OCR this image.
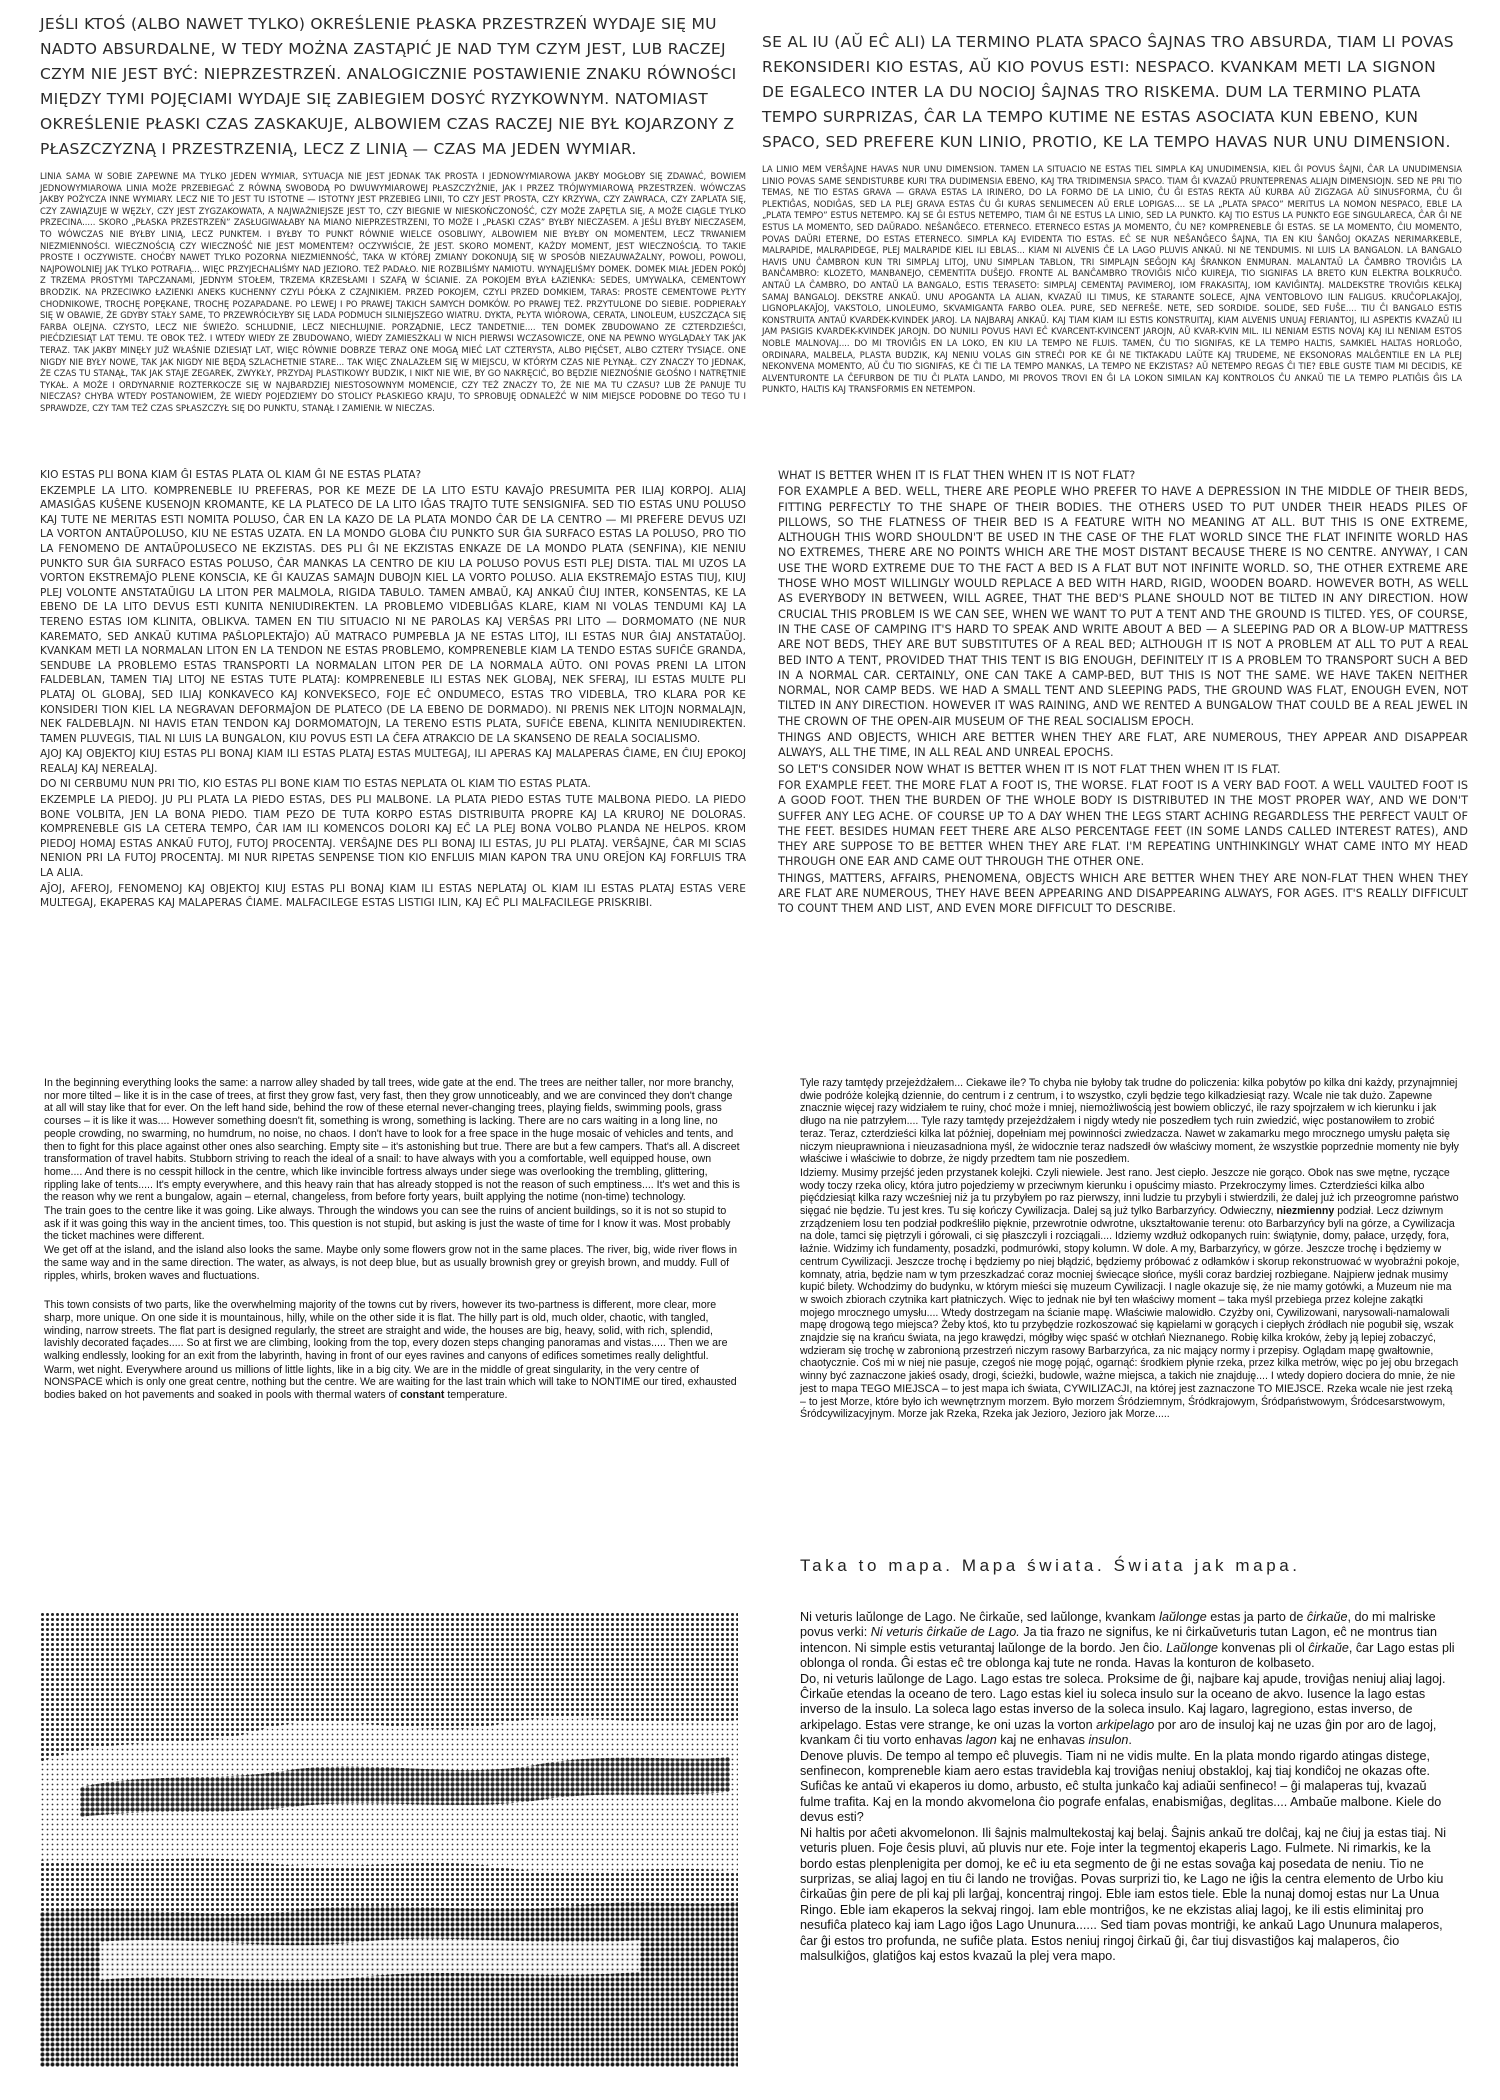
JEŚLI KTOŚ (ALBO NAWET TYLKO) OKREŚLENIE PŁASKA PRZESTRZEŃ WYDAJE SIĘ MU NADTO ABSURDALNE, W TEDY MOŻNA ZASTĄPIĆ JE NAD TYM CZYM JEST, LUB RACZEJ CZYM NIE JEST BYĆ: NIEPRZESTRZEŃ. ANALOGICZNIE POSTAWIENIE ZNAKU RÓWNOŚCI MIĘDZY TYMI POJĘCIAMI WYDAJE SIĘ ZABIEGIEM DOSYĆ RYZYKOWNYM. NATOMIAST OKREŚLENIE PŁASKI CZAS ZASKAKUJE, ALBOWIEM CZAS RACZEJ NIE BYŁ KOJARZONY Z PŁASZCZYZNĄ I PRZESTRZENIĄ, LECZ Z LINIĄ — CZAS MA JEDEN WYMIAR.

LINIA SAMA W SOBIE ZAPEWNE MA TYLKO JEDEN WYMIAR, SYTUACJA NIE JEST JEDNAK TAK PROSTA I JEDNOWYMIAROWA JAKBY MOGŁOBY SIĘ ZDAWAĆ, BOWIEM JEDNOWYMIAROWA LINIA MOŻE PRZEBIEGAĆ Z RÓWNĄ SWOBODĄ PO DWUWYMIAROWEJ PŁASZCZYŹNIE, JAK I PRZEZ TRÓJWYMIAROWĄ PRZESTRZEŃ. WÓWCZAS JAKBY POŻYCZA INNE WYMIARY. LECZ NIE TO JEST TU ISTOTNE — ISTOTNY JEST PRZEBIEG LINII, TO CZY JEST PROSTA, CZY KRZYWA, CZY ZAWRACA, CZY ZAPLATA SIĘ, CZY ZAWIĄZUJE W WĘZŁY, CZY JEST ZYGZAKOWATA, A NAJWAŻNIEJSZE JEST TO, CZY BIEGNIE W NIESKOŃCZONOŚĆ, CZY MOŻE ZAPĘTLA SIĘ, A MOŻE CIĄGLE TYLKO PRZECINA..... SKORO „PŁASKA PRZESTRZEŃ” ZASŁUGIWAŁABY NA MIANO NIEPRZESTRZENI, TO MOŻE I „PŁASKI CZAS” BYŁBY NIECZASEM. A JEŚLI BYŁBY NIECZASEM, TO WÓWCZAS NIE BYŁBY LINIĄ, LECZ PUNKTEM. I BYŁBY TO PUNKT RÓWNIE WIELCE OSOBLIWY, ALBOWIEM NIE BYŁBY ON MOMENTEM, LECZ TRWANIEM NIEZMIENNOŚCI. WIECZNOŚCIĄ CZY WIECZNOŚĆ NIE JEST MOMENTEM? OCZYWIŚCIE, ŻE JEST. SKORO MOMENT, KAŻDY MOMENT, JEST WIECZNOŚCIĄ. TO TAKIE PROSTE I OCZYWISTE. CHOĆBY NAWET TYLKO POZORNA NIEZMIENNOŚĆ, TAKA W KTÓREJ ZMIANY DOKONUJĄ SIĘ W SPOSÓB NIEZAUWAŻALNY, POWOLI, POWOLI, NAJPOWOLNIEJ JAK TYLKO POTRAFIĄ... WIĘC PRZYJECHALIŚMY NAD JEZIORO. TEŻ PADAŁO. NIE ROZBILIŚMY NAMIOTU. WYNAJĘLIŚMY DOMEK. DOMEK MIAŁ JEDEN POKÓJ Z TRZEMA PROSTYMI TAPCZANAMI, JEDNYM STOŁEM, TRZEMA KRZESŁAMI I SZAFĄ W ŚCIANIE. ZA POKOJEM BYŁA ŁAZIENKA: SEDES, UMYWALKA, CEMENTOWY BRODZIK. NA PRZECIWKO ŁAZIENKI ANEKS KUCHENNY CZYLI PÓŁKA Z CZAJNIKIEM. PRZED POKOJEM, CZYLI PRZED DOMKIEM, TARAS: PROSTE CEMENTOWE PŁYTY CHODNIKOWE, TROCHĘ POPĘKANE, TROCHĘ POZAPADANE. PO LEWEJ I PO PRAWEJ TAKICH SAMYCH DOMKÓW. PO PRAWEJ TEŻ. PRZYTULONE DO SIEBIE. PODPIERAŁY SIĘ W OBAWIE, ŻE GDYBY STAŁY SAME, TO PRZEWRÓCIŁYBY SIĘ LADA PODMUCH SILNIEJSZEGO WIATRU. DYKTA, PŁYTA WIÓROWA, CERATA, LINOLEUM, ŁUSZCZĄCA SIĘ FARBA OLEJNA. CZYSTO, LECZ NIE ŚWIEŻO. SCHLUDNIE, LECZ NIECHLUJNIE. PORZĄDNIE, LECZ TANDETNIE.... TEN DOMEK ZBUDOWANO ZE CZTERDZIEŚCI, PIEĆDZIESIĄT LAT TEMU. TE OBOK TEŻ. I WTEDY WIEDY ZE ZBUDOWANO, WIEDY ZAMIESZKALI W NICH PIERWSI WCZASOWICZE, ONE NA PEWNO WYGLĄDAŁY TAK JAK TERAZ. TAK JAKBY MINĘŁY JUŻ WŁAŚNIE DZIESIĄT LAT, WIĘC RÓWNIE DOBRZE TERAZ ONE MOGĄ MIEĆ LAT CZTERYSTA, ALBO PIĘĆSET, ALBO CZTERY TYSIĄCE. ONE NIGDY NIE BYŁY NOWE, TAK JAK NIGDY NIE BĘDĄ SZLACHETNIE STARE... TAK WIĘC ZNALAZŁEM SIĘ W MIEJSCU, W KTÓRYM CZAS NIE PŁYNĄŁ. CZY ZNACZY TO JEDNAK, ŻE CZAS TU STANĄŁ, TAK JAK STAJE ZEGAREK, ZWYKŁY, PRZYDAJ PLASTIKOWY BUDZIK, I NIKT NIE WIE, BY GO NAKRĘCIĆ, BO BĘDZIE NIEZNOŚNIE GŁOŚNO I NATRĘTNIE TYKAŁ. A MOŻE I ORDYNARNIE ROZTERKOCZE SIĘ W NAJBARDZIEJ NIESTOSOWNYM MOMENCIE, CZY TEŻ ZNACZY TO, ŻE NIE MA TU CZASU? LUB ŻE PANUJE TU NIECZAS? CHYBA WTEDY POSTANOWIEM, ŻE WIEDY POJEDZIEMY DO STOLICY PŁASKIEGO KRAJU, TO SPROBUJĘ ODNALEŹĆ W NIM MIEJSCE PODOBNE DO TEGO TU I SPRAWDZE, CZY TAM TEŻ CZAS SPŁASZCZYŁ SIĘ DO PUNKTU, STANĄŁ I ZAMIENIŁ W NIECZAS.

SE AL IU (AŬ EĈ ALI) LA TERMINO PLATA SPACO ŜAJNAS TRO ABSURDA, TIAM LI POVAS REKONSIDERI KIO ESTAS, AŬ KIO POVUS ESTI: NESPACO. KVANKAM METI LA SIGNON DE EGALECO INTER LA DU NOCIOJ ŜAJNAS TRO RISKEMA. DUM LA TERMINO PLATA TEMPO SURPRIZAS, ĈAR LA TEMPO KUTIME NE ESTAS ASOCIATA KUN EBENO, KUN SPACO, SED PREFERE KUN LINIO, PROTIO, KE LA TEMPO HAVAS NUR UNU DIMENSION.

LA LINIO MEM VERŜAJNE HAVAS NUR UNU DIMENSION. TAMEN LA SITUACIO NE ESTAS TIEL SIMPLA KAJ UNUDIMENSIA, KIEL ĜI POVUS ŜAJNI, ĈAR LA UNUDIMENSIA LINIO POVAS SAME SENDISTURBE KURI TRA DUDIMENSIA EBENO, KAJ TRA TRIDIMENSIA SPACO. TIAM ĜI KVAZAŬ PRUNTEPRENAS ALIAJN DIMENSIOJN. SED NE PRI TIO TEMAS, NE TIO ESTAS GRAVA — GRAVA ESTAS LA IRINERO, DO LA FORMO DE LA LINIO, ĈU ĜI ESTAS REKTA AŬ KURBA AŬ ZIGZAGA AŬ SINUSFORMA, ĈU ĜI PLEKTIĜAS, NODIĜAS, SED LA PLEJ GRAVA ESTAS ĈU ĜI KURAS SENLIMECEN AŬ ERLE LOPIGAS.... SE LA „PLATA SPACO” MERITUS LA NOMON NESPACO, EBLE LA „PLATA TEMPO” ESTUS NETEMPO. KAJ SE ĜI ESTUS NETEMPO, TIAM ĜI NE ESTUS LA LINIO, SED LA PUNKTO. KAJ TIO ESTUS LA PUNKTO EGE SINGULARECA, ĈAR ĜI NE ESTUS LA MOMENTO, SED DAŬRADO. NEŜANĜECO. ETERNECO. ETERNECO ESTAS JA MOMENTO, ĈU NE? KOMPRENEBLE ĜI ESTAS. SE LA MOMENTO, ĈIU MOMENTO, POVAS DAŬRI ETERNE, DO ESTAS ETERNECO. SIMPLA KAJ EVIDENTA TIO ESTAS. EĈ SE NUR NEŜANĜECO ŜAJNA, TIA EN KIU ŜANĜOJ OKAZAS NERIMARKEBLE, MALRAPIDE, MALRAPIDEGE, PLEJ MALRAPIDE KIEL ILI EBLAS... KIAM NI ALVENIS ĈE LA LAGO PLUVIS ANKAŬ. NI NE TENDUMIS. NI LUIS LA BANGALON. LA BANGALO HAVIS UNU ĈAMBRON KUN TRI SIMPLAJ LITOJ, UNU SIMPLAN TABLON, TRI SIMPLAJN SEĜOJN KAJ ŜRANKON ENMURAN. MALANTAŬ LA ĈAMBRO TROVIĜIS LA BANĈAMBRO: KLOZETO, MANBANEJO, CEMENTITA DUŜEJO. FRONTE AL BANĈAMBRO TROVIĜIS NIĈO KUIREJA, TIO SIGNIFAS LA BRETO KUN ELEKTRA BOLKRUĈO. ANTAŬ LA ĈAMBRO, DO ANTAŬ LA BANGALO, ESTIS TERASETO: SIMPLAJ CEMENTAJ PAVIMEROJ, IOM FRAKASITAJ, IOM KAVIĜINTAJ. MALDEKSTRE TROVIĜIS KELKAJ SAMAJ BANGALOJ. DEKSTRE ANKAŬ. UNU APOGANTA LA ALIAN, KVAZAŬ ILI TIMUS, KE STARANTE SOLECE, AJNA VENTOBLOVO ILIN FALIGUS. KRUĈOPLAKAĴOJ, LIGNOPLAKAĴOJ, VAKSTOLO, LINOLEUMO, SKVAMIGANTA FARBO OLEA. PURE, SED NEFREŜE. NETE, SED SORDIDE. SOLIDE, SED FUŜE.... TIU ĈI BANGALO ESTIS KONSTRUITA ANTAŬ KVARDEK-KVINDEK JAROJ. LA NAJBARAJ ANKAŬ. KAJ TIAM KIAM ILI ESTIS KONSTRUITAJ, KIAM ALVENIS UNUAJ FERIANTOJ, ILI ASPEKTIS KVAZAŬ ILI JAM PASIGIS KVARDEK-KVINDEK JAROJN. DO NUNILI POVUS HAVI EĈ KVARCENT-KVINCENT JAROJN, AŬ KVAR-KVIN MIL. ILI NENIAM ESTIS NOVAJ KAJ ILI NENIAM ESTOS NOBLE MALNOVAJ.... DO MI TROVIĜIS EN LA LOKO, EN KIU LA TEMPO NE FLUIS. TAMEN, ĈU TIO SIGNIFAS, KE LA TEMPO HALTIS, SAMKIEL HALTAS HORLOĜO, ORDINARA, MALBELA, PLASTA BUDZIK, KAJ NENIU VOLAS GIN STREĈI POR KE ĜI NE TIKTAKADU LAŬTE KAJ TRUDEME, NE EKSONORAS MALĜENTILE EN LA PLEJ NEKONVENA MOMENTO, AŬ ĈU TIO SIGNIFAS, KE ĈI TIE LA TEMPO MANKAS, LA TEMPO NE EKZISTAS? AŬ NETEMPO REGAS ĈI TIE? EBLE GUSTE TIAM MI DECIDIS, KE ALVENTURONTE LA ĈEFURBON DE TIU ĈI PLATA LANDO, MI PROVOS TROVI EN ĜI LA LOKON SIMILAN KAJ KONTROLOS ĈU ANKAŬ TIE LA TEMPO PLATIĜIS ĜIS LA PUNKTO, HALTIS KAJ TRANSFORMIS EN NETEMPON.

KIO ESTAS PLI BONA KIAM ĜI ESTAS PLATA OL KIAM ĜI NE ESTAS PLATA?

EKZEMPLE LA LITO. KOMPRENEBLE IU PREFERAS, POR KE MEZE DE LA LITO ESTU KAVAĴO PRESUMITA PER ILIAJ KORPOJ. ALIAJ AMASIĜAS KUŜENE KUSENOJN KROMANTE, KE LA PLATECO DE LA LITO IĜAS TRAJTO TUTE SENSIGNIFA. SED TIO ESTAS UNU POLUSO KAJ TUTE NE MERITAS ESTI NOMITA POLUSO, ĈAR EN LA KAZO DE LA PLATA MONDO ĈAR DE LA CENTRO — MI PREFERE DEVUS UZI LA VORTON ANTAŬPOLUSO, KIU NE ESTAS UZATA. EN LA MONDO GLOBA ĈIU PUNKTO SUR ĜIA SURFACO ESTAS LA POLUSO, PRO TIO LA FENOMENO DE ANTAŬPOLUSECO NE EKZISTAS. DES PLI ĜI NE EKZISTAS ENKAZE DE LA MONDO PLATA (SENFINA), KIE NENIU PUNKTO SUR ĜIA SURFACO ESTAS POLUSO, ĈAR MANKAS LA CENTRO DE KIU LA POLUSO POVUS ESTI PLEJ DISTA. TIAL MI UZOS LA VORTON EKSTREMAĴO PLENE KONSCIA, KE ĜI KAUZAS SAMAJN DUBOJN KIEL LA VORTO POLUSO. ALIA EKSTREMAĴO ESTAS TIUJ, KIUJ PLEJ VOLONTE ANSTATAŬIGU LA LITON PER MALMOLA, RIGIDA TABULO. TAMEN AMBAŬ, KAJ ANKAŬ ĈIUJ INTER, KONSENTAS, KE LA EBENO DE LA LITO DEVUS ESTI KUNITA NENIUDIREKTEN. LA PROBLEMO VIDEBLIĜAS KLARE, KIAM NI VOLAS TENDUMI KAJ LA TERENO ESTAS IOM KLINITA, OBLIKVA. TAMEN EN TIU SITUACIO NI NE PAROLAS KAJ VERŜAS PRI LITO — DORMOMATO (NE NUR KAREMATO, SED ANKAŬ KUTIMA PAŜLOPLEKTAĴO) AŬ MATRACO PUMPEBLA JA NE ESTAS LITOJ, ILI ESTAS NUR ĜIAJ ANSTATAŬOJ. KVANKAM METI LA NORMALAN LITON EN LA TENDON NE ESTAS PROBLEMO, KOMPRENEBLE KIAM LA TENDO ESTAS SUFIĈE GRANDA, SENDUBE LA PROBLEMO ESTAS TRANSPORTI LA NORMALAN LITON PER DE LA NORMALA AŬTO. ONI POVAS PRENI LA LITON FALDEBLAN, TAMEN TIAJ LITOJ NE ESTAS TUTE PLATAJ: KOMPRENEBLE ILI ESTAS NEK GLOBAJ, NEK SFERAJ, ILI ESTAS MULTE PLI PLATAJ OL GLOBAJ, SED ILIAJ KONKAVECO KAJ KONVEKSECO, FOJE EĈ ONDUMECO, ESTAS TRO VIDEBLA, TRO KLARA POR KE KONSIDERI TION KIEL LA NEGRAVAN DEFORMAĴON DE PLATECO (DE LA EBENO DE DORMADO). NI PRENIS NEK LITOJN NORMALAJN, NEK FALDEBLAJN. NI HAVIS ETAN TENDON KAJ DORMOMATOJN, LA TERENO ESTIS PLATA, SUFIĈE EBENA, KLINITA NENIUDIREKTEN. TAMEN PLUVEGIS, TIAL NI LUIS LA BUNGALON, KIU POVUS ESTI LA ĈEFA ATRAKCIO DE LA SKANSENO DE REALA SOCIALISMO.

AJOJ KAJ OBJEKTOJ KIUJ ESTAS PLI BONAJ KIAM ILI ESTAS PLATAJ ESTAS MULTEGAJ, ILI APERAS KAJ MALAPERAS ĈIAME, EN ĈIUJ EPOKOJ REALAJ KAJ NEREALAJ.

DO NI CERBUMU NUN PRI TIO, KIO ESTAS PLI BONE KIAM TIO ESTAS NEPLATA OL KIAM TIO ESTAS PLATA.

EKZEMPLE LA PIEDOJ. JU PLI PLATA LA PIEDO ESTAS, DES PLI MALBONE. LA PLATA PIEDO ESTAS TUTE MALBONA PIEDO. LA PIEDO BONE VOLBITA, JEN LA BONA PIEDO. TIAM PEZO DE TUTA KORPO ESTAS DISTRIBUITA PROPRE KAJ LA KRUROJ NE DOLORAS. KOMPRENEBLE GIS LA CETERA TEMPO, ĈAR IAM ILI KOMENCOS DOLORI KAJ EĈ LA PLEJ BONA VOLBO PLANDA NE HELPOS. KROM PIEDOJ HOMAJ ESTAS ANKAŬ FUTOJ, FUTOJ PROCENTAJ. VERŜAJNE DES PLI BONAJ ILI ESTAS, JU PLI PLATAJ. VERŜAJNE, ĈAR MI SCIAS NENION PRI LA FUTOJ PROCENTAJ. MI NUR RIPETAS SENPENSE TION KIO ENFLUIS MIAN KAPON TRA UNU OREĴON KAJ FORFLUIS TRA LA ALIA.

AĴOJ, AFEROJ, FENOMENOJ KAJ OBJEKTOJ KIUJ ESTAS PLI BONAJ KIAM ILI ESTAS NEPLATAJ OL KIAM ILI ESTAS PLATAJ ESTAS VERE MULTEGAJ, EKAPERAS KAJ MALAPERAS ĈIAME. MALFACILEGE ESTAS LISTIGI ILIN, KAJ EĈ PLI MALFACILEGE PRISKRIBI.

WHAT IS BETTER WHEN IT IS FLAT THEN WHEN IT IS NOT FLAT?

FOR EXAMPLE A BED. WELL, THERE ARE PEOPLE WHO PREFER TO HAVE A DEPRESSION IN THE MIDDLE OF THEIR BEDS, FITTING PERFECTLY TO THE SHAPE OF THEIR BODIES. THE OTHERS USED TO PUT UNDER THEIR HEADS PILES OF PILLOWS, SO THE FLATNESS OF THEIR BED IS A FEATURE WITH NO MEANING AT ALL. BUT THIS IS ONE EXTREME, ALTHOUGH THIS WORD SHOULDN'T BE USED IN THE CASE OF THE FLAT WORLD SINCE THE FLAT INFINITE WORLD HAS NO EXTREMES, THERE ARE NO POINTS WHICH ARE THE MOST DISTANT BECAUSE THERE IS NO CENTRE. ANYWAY, I CAN USE THE WORD EXTREME DUE TO THE FACT A BED IS A FLAT BUT NOT INFINITE WORLD. SO, THE OTHER EXTREME ARE THOSE WHO MOST WILLINGLY WOULD REPLACE A BED WITH HARD, RIGID, WOODEN BOARD. HOWEVER BOTH, AS WELL AS EVERYBODY IN BETWEEN, WILL AGREE, THAT THE BED'S PLANE SHOULD NOT BE TILTED IN ANY DIRECTION. HOW CRUCIAL THIS PROBLEM IS WE CAN SEE, WHEN WE WANT TO PUT A TENT AND THE GROUND IS TILTED. YES, OF COURSE, IN THE CASE OF CAMPING IT'S HARD TO SPEAK AND WRITE ABOUT A BED — A SLEEPING PAD OR A BLOW-UP MATTRESS ARE NOT BEDS, THEY ARE BUT SUBSTITUTES OF A REAL BED; ALTHOUGH IT IS NOT A PROBLEM AT ALL TO PUT A REAL BED INTO A TENT, PROVIDED THAT THIS TENT IS BIG ENOUGH, DEFINITELY IT IS A PROBLEM TO TRANSPORT SUCH A BED IN A NORMAL CAR. CERTAINLY, ONE CAN TAKE A CAMP-BED, BUT THIS IS NOT THE SAME. WE HAVE TAKEN NEITHER NORMAL, NOR CAMP BEDS. WE HAD A SMALL TENT AND SLEEPING PADS, THE GROUND WAS FLAT, ENOUGH EVEN, NOT TILTED IN ANY DIRECTION. HOWEVER IT WAS RAINING, AND WE RENTED A BUNGALOW THAT COULD BE A REAL JEWEL IN THE CROWN OF THE OPEN-AIR MUSEUM OF THE REAL SOCIALISM EPOCH.

THINGS AND OBJECTS, WHICH ARE BETTER WHEN THEY ARE FLAT, ARE NUMEROUS, THEY APPEAR AND DISAPPEAR ALWAYS, ALL THE TIME, IN ALL REAL AND UNREAL EPOCHS.

SO LET'S CONSIDER NOW WHAT IS BETTER WHEN IT IS NOT FLAT THEN WHEN IT IS FLAT.

FOR EXAMPLE FEET. THE MORE FLAT A FOOT IS, THE WORSE. FLAT FOOT IS A VERY BAD FOOT. A WELL VAULTED FOOT IS A GOOD FOOT. THEN THE BURDEN OF THE WHOLE BODY IS DISTRIBUTED IN THE MOST PROPER WAY, AND WE DON'T SUFFER ANY LEG ACHE. OF COURSE UP TO A DAY WHEN THE LEGS START ACHING REGARDLESS THE PERFECT VAULT OF THE FEET. BESIDES HUMAN FEET THERE ARE ALSO PERCENTAGE FEET (IN SOME LANDS CALLED INTEREST RATES), AND THEY ARE SUPPOSE TO BE BETTER WHEN THEY ARE FLAT. I'M REPEATING UNTHINKINGLY WHAT CAME INTO MY HEAD THROUGH ONE EAR AND CAME OUT THROUGH THE OTHER ONE.

THINGS, MATTERS, AFFAIRS, PHENOMENA, OBJECTS WHICH ARE BETTER WHEN THEY ARE NON-FLAT THEN WHEN THEY ARE FLAT ARE NUMEROUS, THEY HAVE BEEN APPEARING AND DISAPPEARING ALWAYS, FOR AGES. IT'S REALLY DIFFICULT TO COUNT THEM AND LIST, AND EVEN MORE DIFFICULT TO DESCRIBE.

In the beginning everything looks the same: a narrow alley shaded by tall trees, wide gate at the end. The trees are neither taller, nor more branchy, nor more tilted – like it is in the case of trees, at first they grow fast, very fast, then they grow unnoticeably, and we are convinced they don't change at all will stay like that for ever. On the left hand side, behind the row of these eternal never-changing trees, playing fields, swimming pools, grass courses – it is like it was.... However something doesn't fit, something is wrong, something is lacking. There are no cars waiting in a long line, no people crowding, no swarming, no humdrum, no noise, no chaos. I don't have to look for a free space in the huge mosaic of vehicles and tents, and then to fight for this place against other ones also searching. Empty site – it's astonishing but true. There are but a few campers. That's all. A discreet transformation of travel habits. Stubborn striving to reach the ideal of a snail: to have always with you a comfortable, well equipped house, own home.... And there is no cesspit hillock in the centre, which like invincible fortress always under siege was overlooking the trembling, glittering, rippling lake of tents..... It's empty everywhere, and this heavy rain that has already stopped is not the reason of such emptiness.... It's wet and this is the reason why we rent a bungalow, again – eternal, changeless, from before forty years, built applying the notime (non-time) technology.

The train goes to the centre like it was going. Like always. Through the windows you can see the ruins of ancient buildings, so it is not so stupid to ask if it was going this way in the ancient times, too. This question is not stupid, but asking is just the waste of time for I know it was. Most probably the ticket machines were different.

We get off at the island, and the island also looks the same. Maybe only some flowers grow not in the same places. The river, big, wide river flows in the same way and in the same direction. The water, as always, is not deep blue, but as usually brownish grey or greyish brown, and muddy. Full of ripples, whirls, broken waves and fluctuations.

This town consists of two parts, like the overwhelming majority of the towns cut by rivers, however its two-partness is different, more clear, more sharp, more unique. On one side it is mountainous, hilly, while on the other side it is flat. The hilly part is old, much older, chaotic, with tangled, winding, narrow streets. The flat part is designed regularly, the street are straight and wide, the houses are big, heavy, solid, with rich, splendid, lavishly decorated façades..... So at first we are climbing, looking from the top, every dozen steps changing panoramas and vistas..... Then we are walking endlessly, looking for an exit from the labyrinth, having in front of our eyes ravines and canyons of edifices sometimes really delightful.

Warm, wet night. Everywhere around us millions of little lights, like in a big city. We are in the middle of great singularity, in the very centre of NONSPACE which is only one great centre, nothing but the centre. We are waiting for the last train which will take to NONTIME our tired, exhausted bodies baked on hot pavements and soaked in pools with thermal waters of constant temperature.

Tyle razy tamtędy przejeżdżałem... Ciekawe ile? To chyba nie byłoby tak trudne do policzenia: kilka pobytów po kilka dni każdy, przynajmniej dwie podróże kolejką dziennie, do centrum i z centrum, i to wszystko, czyli będzie tego kilkadziesiąt razy. Wcale nie tak dużo. Zapewne znacznie więcej razy widziałem te ruiny, choć może i mniej, niemożliwością jest bowiem obliczyć, ile razy spojrzałem w ich kierunku i jak długo na nie patrzyłem.... Tyle razy tamtędy przejeżdżałem i nigdy wtedy nie poszedłem tych ruin zwiedzić, więc postanowiłem to zrobić teraz. Teraz, czterdzieści kilka lat później, dopełniam mej powinności zwiedzacza. Nawet w zakamarku mego mrocznego umysłu pałęta się niczym nieuprawniona i nieuzasadniona myśl, że widocznie teraz nadszedł ów właściwy moment, że wszystkie poprzednie momenty nie były właściwe i właściwie to dobrze, że nigdy przedtem tam nie poszedłem.

Idziemy. Musimy przejść jeden przystanek kolejki. Czyli niewiele. Jest rano. Jest ciepło. Jeszcze nie gorąco. Obok nas swe mętne, ryczące wody toczy rzeka olicy, która jutro pojedziemy w przeciwnym kierunku i opuścimy miasto. Przekroczymy limes. Czterdzieści kilka albo pięćdziesiąt kilka razy wcześniej niż ja tu przybyłem po raz pierwszy, inni ludzie tu przybyli i stwierdzili, że dalej już ich przeogromne państwo sięgać nie będzie. Tu jest kres. Tu się kończy Cywilizacja. Dalej są już tylko Barbarzyńcy. Odwieczny, niezmienny podział. Lecz dziwnym zrządzeniem losu ten podział podkreśliło pięknie, przewrotnie odwrotne, ukształtowanie terenu: oto Barbarzyńcy byli na górze, a Cywilizacja na dole, tamci się piętrzyli i górowali, ci się płaszczyli i rozciągali.... Idziemy wzdłuż odkopanych ruin: świątynie, domy, pałace, urzędy, fora, łaźnie. Widzimy ich fundamenty, posadzki, podmurówki, stopy kolumn. W dole. A my, Barbarzyńcy, w górze. Jeszcze trochę i będziemy w centrum Cywilizacji. Jeszcze trochę i będziemy po niej błądzić, będziemy próbować z odłamków i skorup rekonstruować w wyobraźni pokoje, komnaty, atria, będzie nam w tym przeszkadzać coraz mocniej świecące słońce, myśli coraz bardziej rozbiegane. Najpierw jednak musimy kupić bilety. Wchodzimy do budynku, w którym mieści się muzeum Cywilizacji. I nagle okazuje się, że nie mamy gotówki, a Muzeum nie ma w swoich zbiorach czytnika kart płatniczych. Więc to jednak nie był ten właściwy moment – taka myśl przebiega przez kolejne zakątki mojego mrocznego umysłu.... Wtedy dostrzegam na ścianie mapę. Właściwie malowidło. Czyżby oni, Cywilizowani, narysowali-namalowali mapę drogową tego miejsca? Żeby ktoś, kto tu przybędzie rozkoszować się kąpielami w gorących i ciepłych źródłach nie pogubił się, wszak znajdzie się na krańcu świata, na jego krawędzi, mógłby więc spaść w otchłań Nieznanego. Robię kilka kroków, żeby ją lepiej zobaczyć, wdzieram się trochę w zabronioną przestrzeń niczym rasowy Barbarzyńca, za nic mający normy i przepisy. Oglądam mapę gwałtownie, chaotycznie. Coś mi w niej nie pasuje, czegoś nie mogę pojąć, ogarnąć: środkiem płynie rzeka, przez kilka metrów, więc po jej obu brzegach winny być zaznaczone jakieś osady, drogi, ścieżki, budowle, ważne miejsca, a takich nie znajduję.... I wtedy dopiero dociera do mnie, że nie jest to mapa TEGO MIEJSCA – to jest mapa ich świata, CYWILIZACJI, na której jest zaznaczone TO MIEJSCE. Rzeka wcale nie jest rzeką – to jest Morze, które było ich wewnętrznym morzem. Było morzem Śródziemnym, Śródkrajowym, Śródpaństwowym, Śródcesarstwowym, Śródcywilizacyjnym. Morze jak Rzeka, Rzeka jak Jezioro, Jezioro jak Morze.....

Taka to mapa. Mapa świata. Świata jak mapa.

Ni veturis laŭlonge de Lago. Ne ĉirkaŭe, sed laŭlonge, kvankam laŭlonge estas ja parto de ĉirkaŭe, do mi malriske povus verki: Ni veturis ĉirkaŭe de Lago. Ja tia frazo ne signifus, ke ni ĉirkaŭveturis tutan Lagon, eĉ ne montrus tian intencon. Ni simple estis veturantaj laŭlonge de la bordo. Jen ĉio. Laŭlonge konvenas pli ol ĉirkaŭe, ĉar Lago estas pli oblonga ol ronda. Ĝi estas eĉ tre oblonga kaj tute ne ronda. Havas la konturon de kolbaseto.

Do, ni veturis laŭlonge de Lago. Lago estas tre soleca. Proksime de ĝi, najbare kaj apude, troviĝas neniuj aliaj lagoj. Ĉirkaŭe etendas la oceano de tero. Lago estas kiel iu soleca insulo sur la oceano de akvo. Iusence la lago estas inverso de la insulo. La soleca lago estas inverso de la soleca insulo. Kaj lagaro, lagregiono, estas inverso, de arkipelago. Estas vere strange, ke oni uzas la vorton arkipelago por aro de insuloj kaj ne uzas ĝin por aro de lagoj, kvankam ĉi tiu vorto enhavas lagon kaj ne enhavas insulon.

Denove pluvis. De tempo al tempo eĉ pluvegis. Tiam ni ne vidis multe. En la plata mondo rigardo atingas distege, senfinecon, kompreneble kiam aero estas travidebla kaj troviĝas neniuj obstakloj, kaj tiaj kondiĉoj ne okazas ofte. Sufiĉas ke antaŭ vi ekaperos iu domo, arbusto, eĉ stulta junkaĉo kaj adiaŭi senfineco! – ĝi malaperas tuj, kvazaŭ fulme trafita. Kaj en la mondo akvomelona ĉio pografe enfalas, enabismiĝas, deglitas.... Ambaŭe malbone. Kiele do devus esti?

Ni haltis por aĉeti akvomelonon. Ili ŝajnis malmultekostaj kaj belaj. Ŝajnis ankaŭ tre dolĉaj, kaj ne ĉiuj ja estas tiaj. Ni veturis pluen. Foje ĉesis pluvi, aŭ pluvis nur ete. Foje inter la tegmentoj ekaperis Lago. Fulmete. Ni rimarkis, ke la bordo estas plenplenigita per domoj, ke eĉ iu eta segmento de ĝi ne estas sovaĝa kaj posedata de neniu. Tio ne surprizas, se aliaj lagoj en tiu ĉi lando ne troviĝas. Povas surprizi tio, ke Lago ne iĝis la centra elemento de Urbo kiu ĉirkaŭas ĝin pere de pli kaj pli larĝaj, koncentraj ringoj. Eble iam estos tiele. Eble la nunaj domoj estas nur La Unua Ringo. Eble iam ekaperos la sekvaj ringoj. Iam eble montriĝos, ke ne ekzistas aliaj lagoj, ke ili estis eliminitaj pro nesufiĉa plateco kaj iam Lago iĝos Lago Ununura...... Sed tiam povas montriĝi, ke ankaŭ Lago Ununura malaperos, ĉar ĝi estos tro profunda, ne sufiĉe plata. Estos neniuj ringoj ĉirkaŭ ĝi, ĉar tiuj disvastiĝos kaj malaperos, ĉio malsulkiĝos, glatiĝos kaj estos kvazaŭ la plej vera mapo.
